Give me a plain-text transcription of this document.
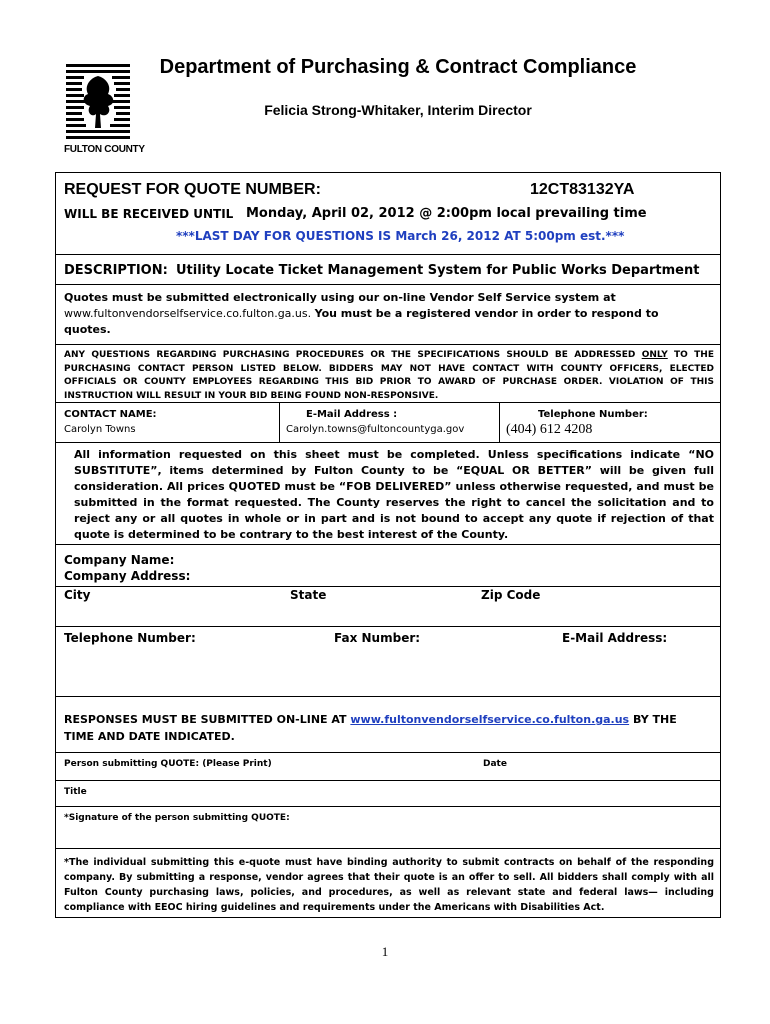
FULTON COUNTY
Department of Purchasing & Contract Compliance
Felicia Strong-Whitaker, Interim Director
REQUEST FOR QUOTE NUMBER:	12CT83132YA
WILL BE RECEIVED UNTIL Monday, April 02, 2012 @ 2:00pm local prevailing time
***LAST DAY FOR QUESTIONS IS March 26, 2012 AT 5:00pm est.***
DESCRIPTION: Utility Locate Ticket Management System for Public Works Department
Quotes must be submitted electronically using our on-line Vendor Self Service system at
www.fultonvendorselfservice.co.fulton.ga.us. You must be a registered vendor in order to respond to
quotes.
ANY QUESTIONS REGARDING PURCHASING PROCEDURES OR THE SPECIFICATIONS SHOULD BE ADDRESSED ONLY TO THE PURCHASING CONTACT PERSON LISTED BELOW. BIDDERS MAY NOT HAVE CONTACT WITH COUNTY OFFICERS, ELECTED OFFICIALS OR COUNTY EMPLOYEES REGARDING THIS BID PRIOR TO AWARD OF PURCHASE ORDER. VIOLATION OF THIS INSTRUCTION WILL RESULT IN YOUR BID BEING FOUND NON-RESPONSIVE.
CONTACT NAME:
Carolyn Towns
E-Mail Address :
Carolyn.towns@fultoncountyga.gov
Telephone Number:
(404) 612 4208
All information requested on this sheet must be completed. Unless specifications indicate “NO SUBSTITUTE”, items determined by Fulton County to be “EQUAL OR BETTER” will be given full consideration. All prices QUOTED must be “FOB DELIVERED” unless otherwise requested, and must be submitted in the format requested. The County reserves the right to cancel the solicitation and to reject any or all quotes in whole or in part and is not bound to accept any quote if rejection of that quote is determined to be contrary to the best interest of the County.
Company Name:
Company Address:
City	State	Zip Code
Telephone Number:	Fax Number:	E-Mail Address:
RESPONSES MUST BE SUBMITTED ON-LINE AT www.fultonvendorselfservice.co.fulton.ga.us BY THE
TIME AND DATE INDICATED.
Person submitting QUOTE: (Please Print)	Date
Title
*Signature of the person submitting QUOTE:
*The individual submitting this e-quote must have binding authority to submit contracts on behalf of the responding company. By submitting a response, vendor agrees that their quote is an offer to sell. All bidders shall comply with all Fulton County purchasing laws, policies, and procedures, as well as relevant state and federal laws— including compliance with EEOC hiring guidelines and requirements under the Americans with Disabilities Act.
1
